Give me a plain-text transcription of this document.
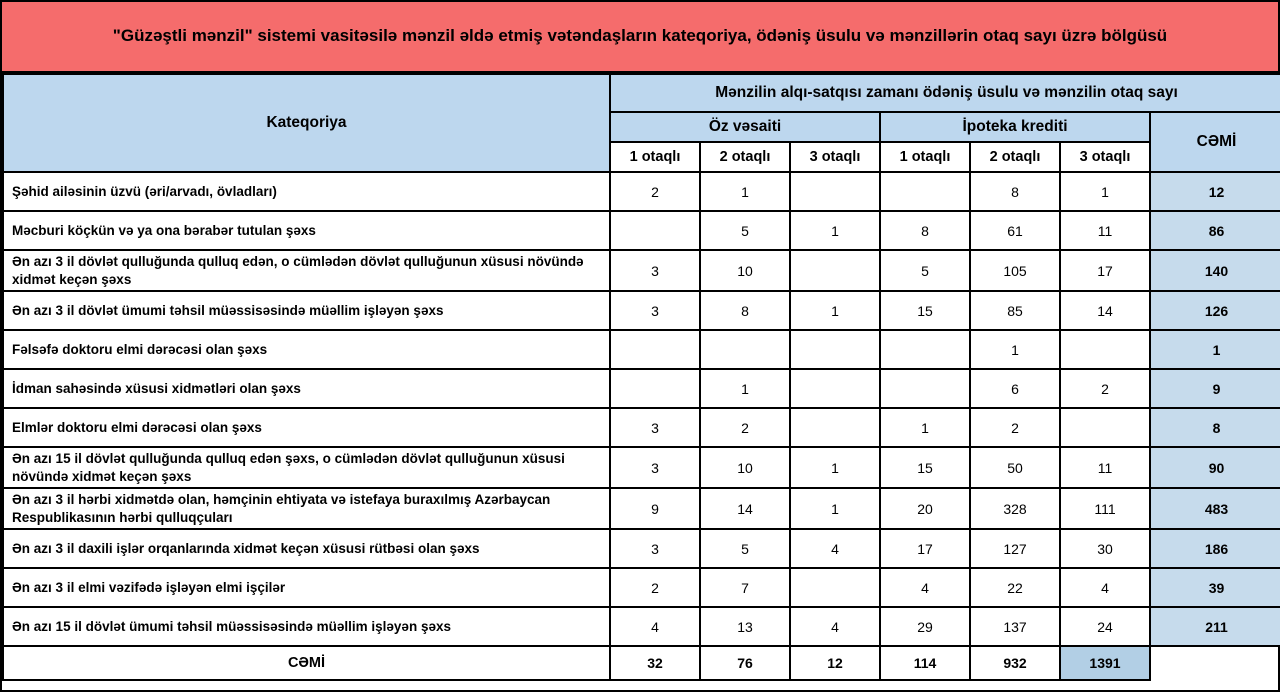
"Güzəştli mənzil" sistemi vasitəsilə mənzil əldə etmiş vətəndaşların kateqoriya, ödəniş üsulu və mənzillərin otaq sayı üzrə bölgüsü
Kateqoriya	Mənzilin alqı-satqısı zamanı ödəniş üsulu və mənzilin otaq sayı						
	Öz vəsaiti			İpoteka krediti			CƏMİ
	1 otaqlı	2 otaqlı	3 otaqlı	1 otaqlı	2 otaqlı	3 otaqlı	
Şəhid ailəsinin üzvü (əri/arvadı, övladları)	2	1			8	1	12
Məcburi köçkün və ya ona bərabər tutulan şəxs		5	1	8	61	11	86
Ən azı 3 il dövlət qulluğunda qulluq edən, o cümlədən dövlət qulluğunun xüsusi növündə xidmət keçən şəxs	3	10		5	105	17	140
Ən azı 3 il dövlət ümumi təhsil müəssisəsində müəllim işləyən şəxs	3	8	1	15	85	14	126
Fəlsəfə doktoru elmi dərəcəsi olan şəxs					1		1
İdman sahəsində xüsusi xidmətləri olan şəxs		1			6	2	9
Elmlər doktoru elmi dərəcəsi olan şəxs	3	2		1	2		8
Ən azı 15 il dövlət qulluğunda qulluq edən şəxs, o cümlədən dövlət qulluğunun xüsusi növündə xidmət keçən şəxs	3	10	1	15	50	11	90
Ən azı 3 il hərbi xidmətdə olan, həmçinin ehtiyata və istefaya buraxılmış Azərbaycan Respublikasının hərbi qulluqçuları	9	14	1	20	328	111	483
Ən azı 3 il daxili işlər orqanlarında xidmət keçən xüsusi rütbəsi olan şəxs	3	5	4	17	127	30	186
Ən azı 3 il elmi vəzifədə işləyən elmi işçilər	2	7		4	22	4	39
Ən azı 15 il dövlət ümumi təhsil müəssisəsində müəllim işləyən şəxs	4	13	4	29	137	24	211
CƏMİ	32	76	12	114	932	1391	
